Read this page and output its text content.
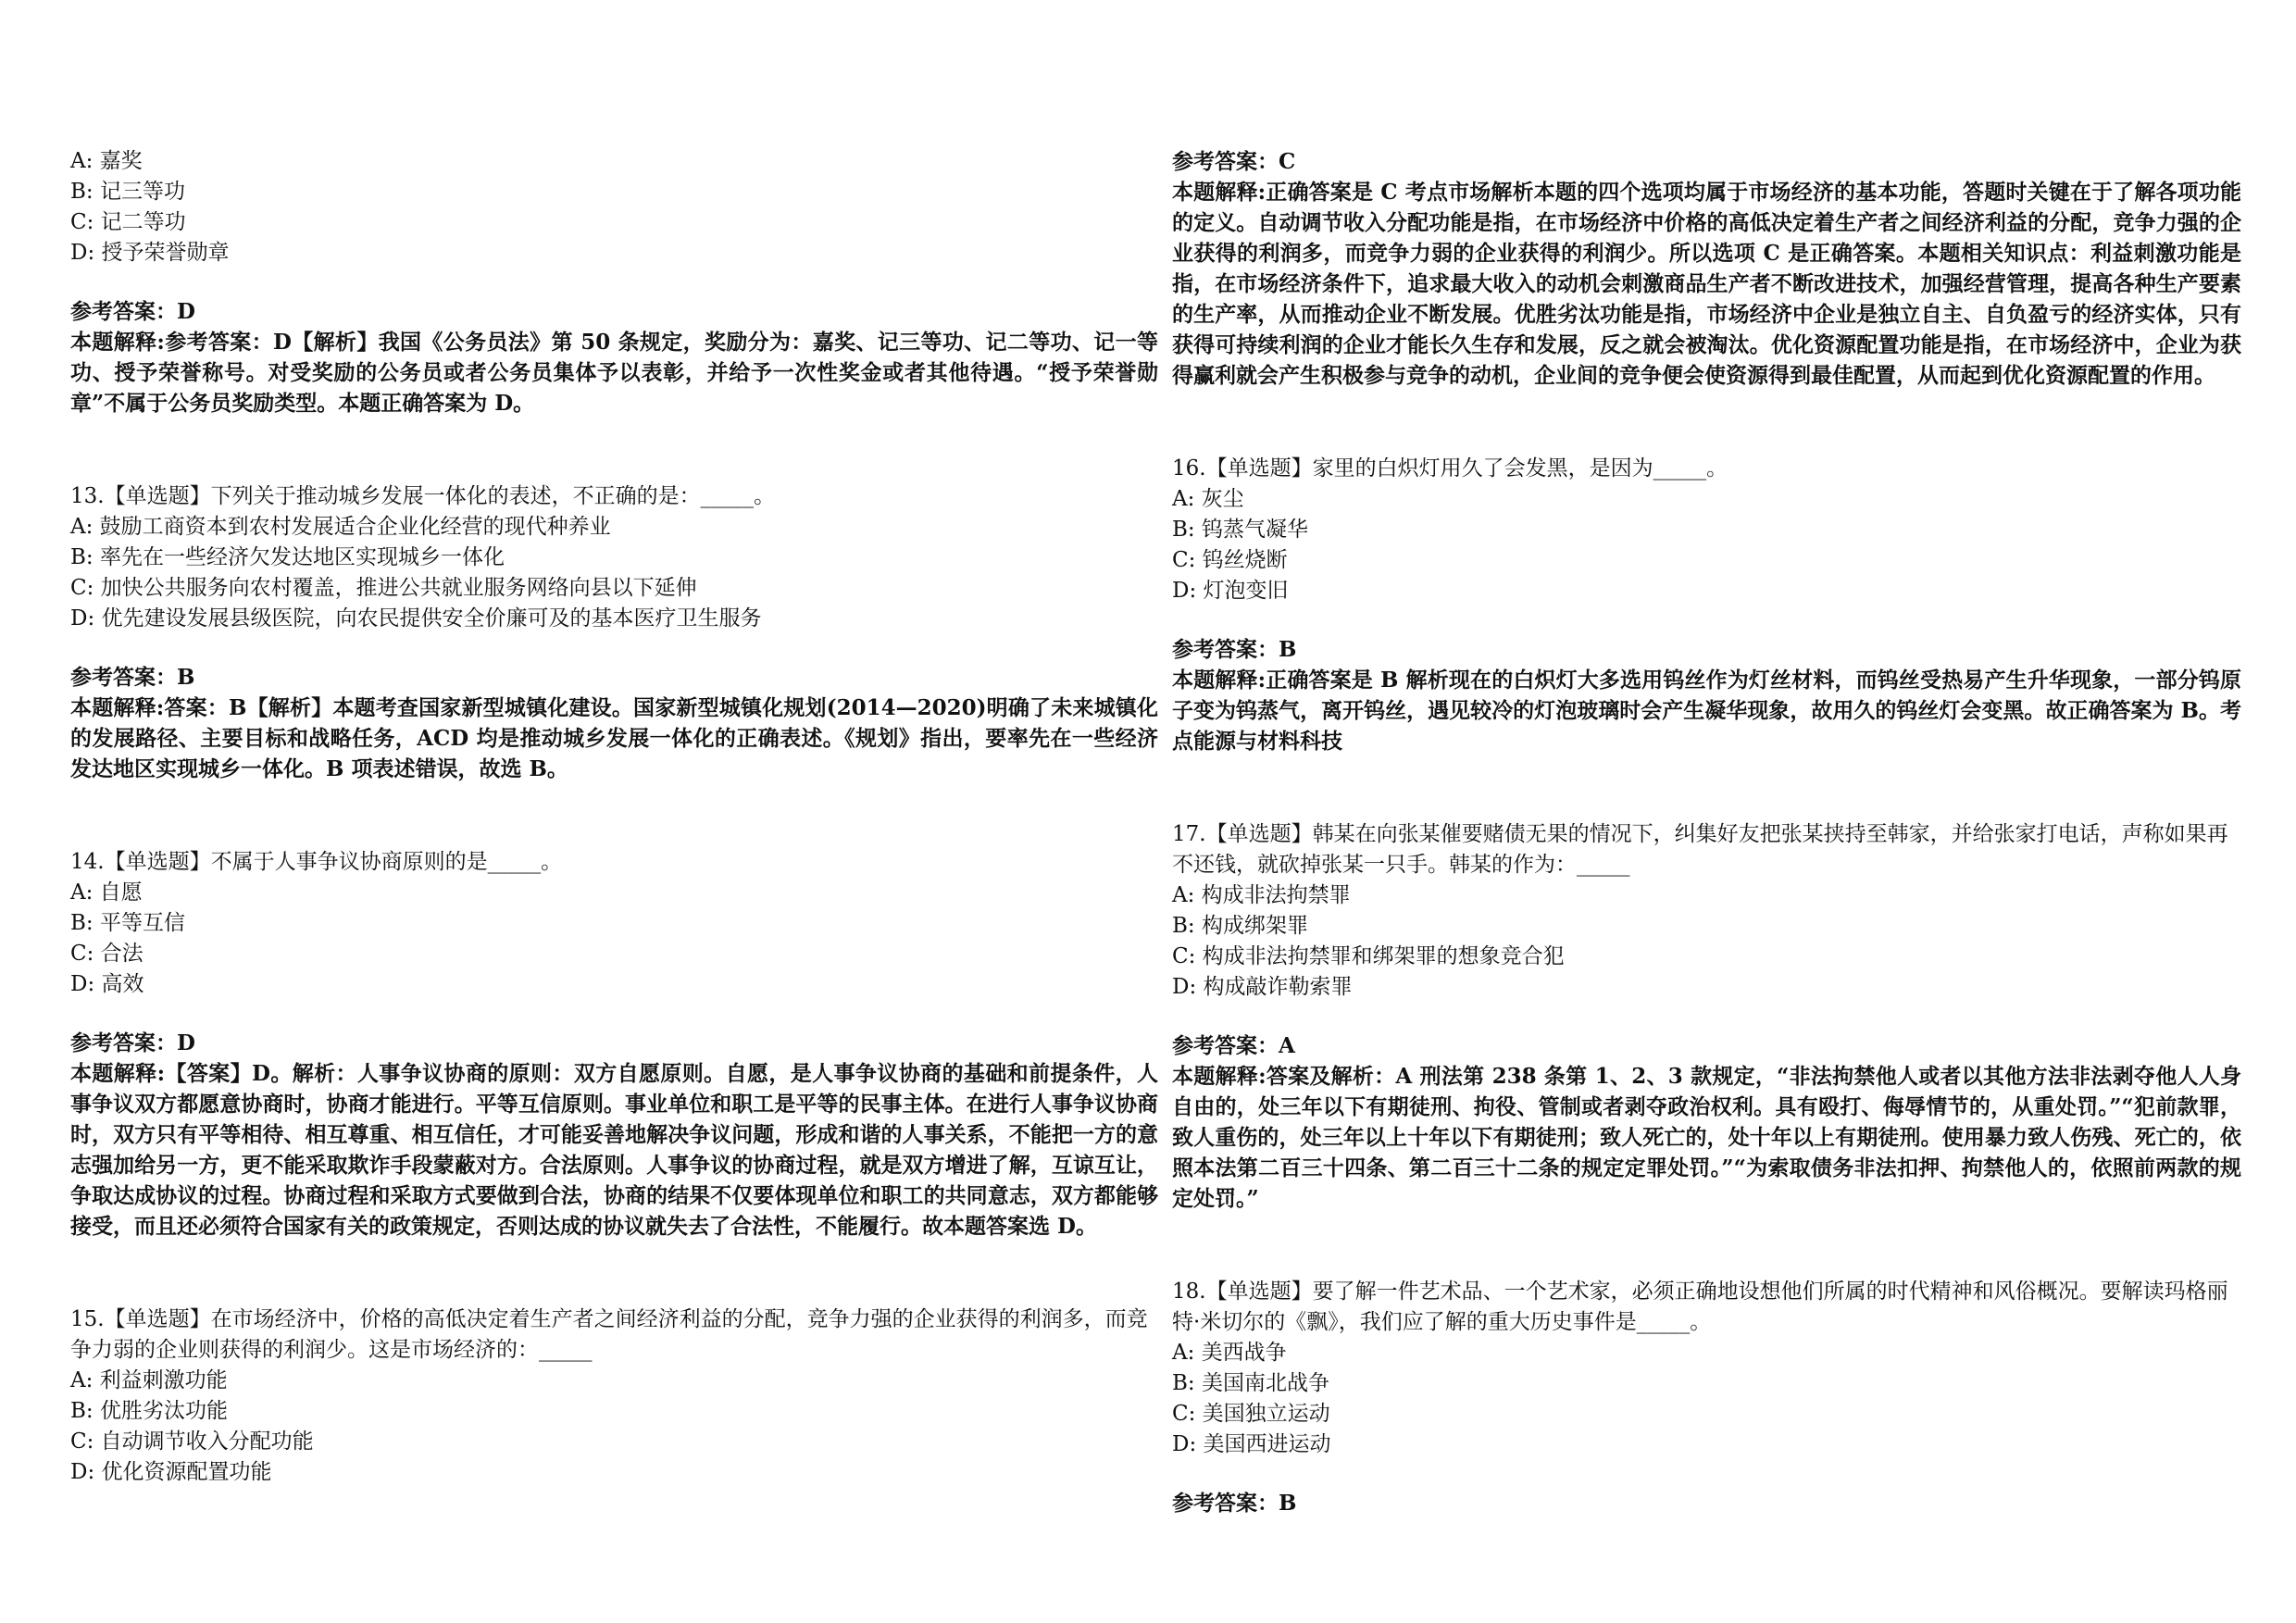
A: 嘉奖
B: 记三等功
C: 记二等功
D: 授予荣誉勋章
参考答案：D
本题解释:参考答案：D【解析】我国《公务员法》第 50 条规定，奖励分为：嘉奖、记三等功、记二等功、记一等功、授予荣誉称号。对受奖励的公务员或者公务员集体予以表彰，并给予一次性奖金或者其他待遇。“授予荣誉勋章”不属于公务员奖励类型。本题正确答案为 D。
13.【单选题】下列关于推动城乡发展一体化的表述，不正确的是：_____。
A: 鼓励工商资本到农村发展适合企业化经营的现代种养业
B: 率先在一些经济欠发达地区实现城乡一体化
C: 加快公共服务向农村覆盖，推进公共就业服务网络向县以下延伸
D: 优先建设发展县级医院，向农民提供安全价廉可及的基本医疗卫生服务
参考答案：B
本题解释:答案：B【解析】本题考查国家新型城镇化建设。国家新型城镇化规划(2014—2020)明确了未来城镇化的发展路径、主要目标和战略任务，ACD 均是推动城乡发展一体化的正确表述。《规划》指出，要率先在一些经济发达地区实现城乡一体化。B 项表述错误，故选 B。
14.【单选题】不属于人事争议协商原则的是_____。
A: 自愿
B: 平等互信
C: 合法
D: 高效
参考答案：D
本题解释:【答案】D。解析：人事争议协商的原则：双方自愿原则。自愿，是人事争议协商的基础和前提条件，人事争议双方都愿意协商时，协商才能进行。平等互信原则。事业单位和职工是平等的民事主体。在进行人事争议协商时，双方只有平等相待、相互尊重、相互信任，才可能妥善地解决争议问题，形成和谐的人事关系，不能把一方的意志强加给另一方，更不能采取欺诈手段蒙蔽对方。合法原则。人事争议的协商过程，就是双方增进了解，互谅互让，争取达成协议的过程。协商过程和采取方式要做到合法，协商的结果不仅要体现单位和职工的共同意志，双方都能够接受，而且还必须符合国家有关的政策规定，否则达成的协议就失去了合法性，不能履行。故本题答案选 D。
15.【单选题】在市场经济中，价格的高低决定着生产者之间经济利益的分配，竞争力强的企业获得的利润多，而竞争力弱的企业则获得的利润少。这是市场经济的：_____
A: 利益刺激功能
B: 优胜劣汰功能
C: 自动调节收入分配功能
D: 优化资源配置功能
参考答案：C
本题解释:正确答案是 C 考点市场解析本题的四个选项均属于市场经济的基本功能，答题时关键在于了解各项功能的定义。自动调节收入分配功能是指，在市场经济中价格的高低决定着生产者之间经济利益的分配，竞争力强的企业获得的利润多，而竞争力弱的企业获得的利润少。所以选项 C 是正确答案。本题相关知识点：利益刺激功能是指，在市场经济条件下，追求最大收入的动机会刺激商品生产者不断改进技术，加强经营管理，提高各种生产要素的生产率，从而推动企业不断发展。优胜劣汰功能是指，市场经济中企业是独立自主、自负盈亏的经济实体，只有获得可持续利润的企业才能长久生存和发展，反之就会被淘汰。优化资源配置功能是指，在市场经济中，企业为获得赢利就会产生积极参与竞争的动机，企业间的竞争便会使资源得到最佳配置，从而起到优化资源配置的作用。
16.【单选题】家里的白炽灯用久了会发黑，是因为_____。
A: 灰尘
B: 钨蒸气凝华
C: 钨丝烧断
D: 灯泡变旧
参考答案：B
本题解释:正确答案是 B 解析现在的白炽灯大多选用钨丝作为灯丝材料，而钨丝受热易产生升华现象，一部分钨原子变为钨蒸气，离开钨丝，遇见较冷的灯泡玻璃时会产生凝华现象，故用久的钨丝灯会变黑。故正确答案为 B。考点能源与材料科技
17.【单选题】韩某在向张某催要赌债无果的情况下，纠集好友把张某挟持至韩家，并给张家打电话，声称如果再不还钱，就砍掉张某一只手。韩某的作为：_____
A: 构成非法拘禁罪
B: 构成绑架罪
C: 构成非法拘禁罪和绑架罪的想象竞合犯
D: 构成敲诈勒索罪
参考答案：A
本题解释:答案及解析：A 刑法第 238 条第 1、2、3 款规定，“非法拘禁他人或者以其他方法非法剥夺他人人身自由的，处三年以下有期徒刑、拘役、管制或者剥夺政治权利。具有殴打、侮辱情节的，从重处罚。”“犯前款罪，致人重伤的，处三年以上十年以下有期徒刑；致人死亡的，处十年以上有期徒刑。使用暴力致人伤残、死亡的，依照本法第二百三十四条、第二百三十二条的规定定罪处罚。”“为索取债务非法扣押、拘禁他人的，依照前两款的规定处罚。”
18.【单选题】要了解一件艺术品、一个艺术家，必须正确地设想他们所属的时代精神和风俗概况。要解读玛格丽特·米切尔的《飘》，我们应了解的重大历史事件是_____。
A: 美西战争
B: 美国南北战争
C: 美国独立运动
D: 美国西进运动
参考答案：B
